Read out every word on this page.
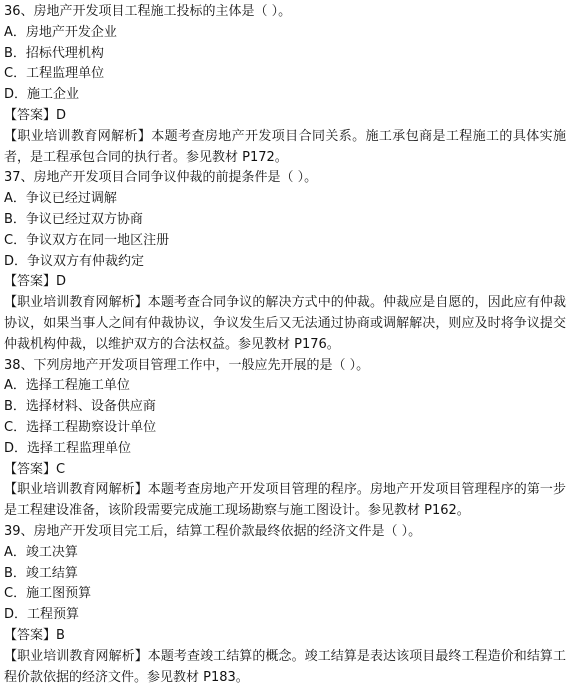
36、房地产开发项目工程施工投标的主体是（ ）。
A．房地产开发企业
B．招标代理机构
C．工程监理单位
D．施工企业
【答案】D
【职业培训教育网解析】本题考查房地产开发项目合同关系。施工承包商是工程施工的具体实施者，是工程承包合同的执行者。参见教材 P172。
37、房地产开发项目合同争议仲裁的前提条件是（ ）。
A．争议已经过调解
B．争议已经过双方协商
C．争议双方在同一地区注册
D．争议双方有仲裁约定
【答案】D
【职业培训教育网解析】本题考查合同争议的解决方式中的仲裁。仲裁应是自愿的，因此应有仲裁协议，如果当事人之间有仲裁协议，争议发生后又无法通过协商或调解解决，则应及时将争议提交仲裁机构仲裁，以维护双方的合法权益。参见教材 P176。
38、下列房地产开发项目管理工作中，一般应先开展的是（ ）。
A．选择工程施工单位
B．选择材料、设备供应商
C．选择工程勘察设计单位
D．选择工程监理单位
【答案】C
【职业培训教育网解析】本题考查房地产开发项目管理的程序。房地产开发项目管理程序的第一步是工程建设准备，该阶段需要完成施工现场勘察与施工图设计。参见教材 P162。
39、房地产开发项目完工后，结算工程价款最终依据的经济文件是（ ）。
A．竣工决算
B．竣工结算
C．施工图预算
D．工程预算
【答案】B
【职业培训教育网解析】本题考查竣工结算的概念。竣工结算是表达该项目最终工程造价和结算工程价款依据的经济文件。参见教材 P183。
